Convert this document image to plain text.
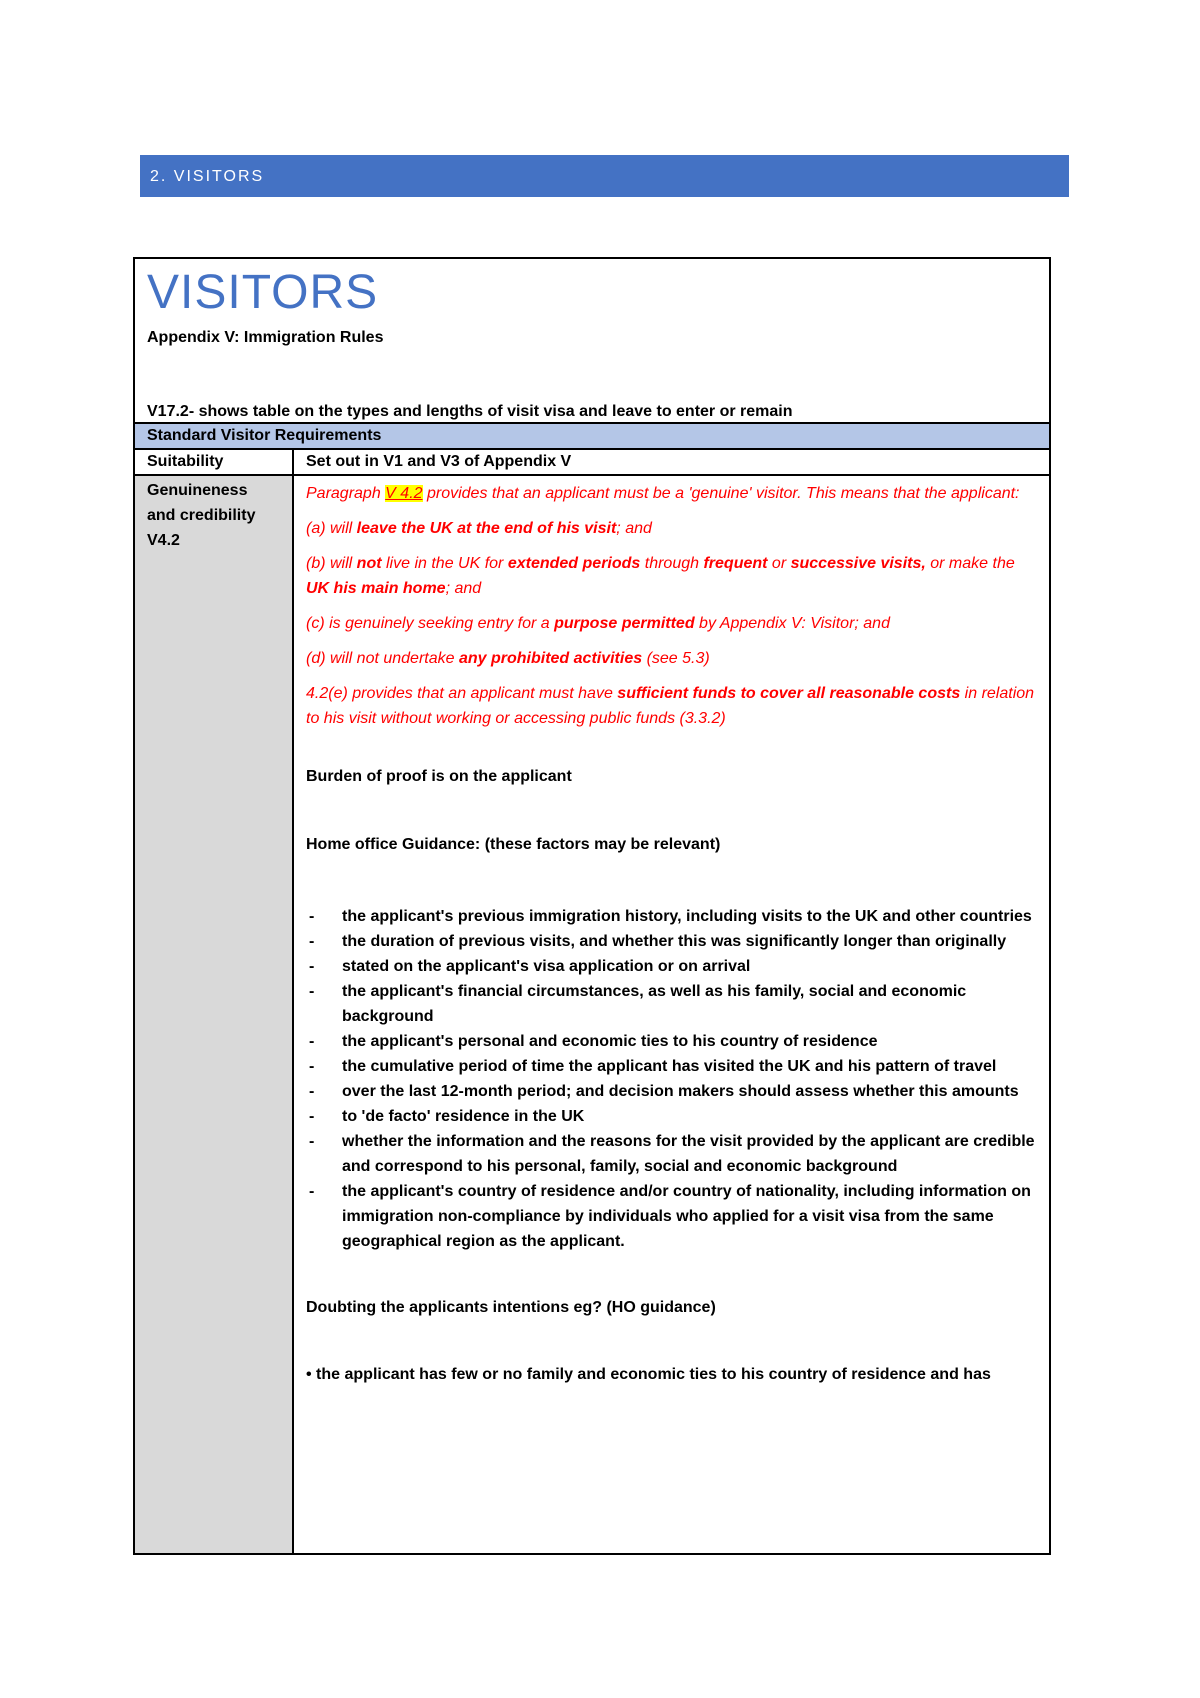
2. VISITORS
VISITORS
Appendix V: Immigration Rules
V17.2- shows table on the types and lengths of visit visa and leave to enter or remain
Standard Visitor Requirements
Suitability	Set out in V1 and V3 of Appendix V
Genuineness
and credibility
V4.2

Paragraph V 4.2 provides that an applicant must be a 'genuine' visitor. This means that the applicant:

(a) will leave the UK at the end of his visit; and

(b) will not live in the UK for extended periods through frequent or successive visits, or make the UK his main home; and

(c) is genuinely seeking entry for a purpose permitted by Appendix V: Visitor; and

(d) will not undertake any prohibited activities (see 5.3)

4.2(e) provides that an applicant must have sufficient funds to cover all reasonable costs in relation to his visit without working or accessing public funds (3.3.2)

Burden of proof is on the applicant

Home office Guidance: (these factors may be relevant)

- the applicant's previous immigration history, including visits to the UK and other countries
- the duration of previous visits, and whether this was significantly longer than originally
- stated on the applicant's visa application or on arrival
- the applicant's financial circumstances, as well as his family, social and economic background
- the applicant's personal and economic ties to his country of residence
- the cumulative period of time the applicant has visited the UK and his pattern of travel
- over the last 12-month period; and decision makers should assess whether this amounts
- to 'de facto' residence in the UK
- whether the information and the reasons for the visit provided by the applicant are credible and correspond to his personal, family, social and economic background
- the applicant's country of residence and/or country of nationality, including information on immigration non-compliance by individuals who applied for a visit visa from the same geographical region as the applicant.

Doubting the applicants intentions eg? (HO guidance)

• the applicant has few or no family and economic ties to his country of residence and has
